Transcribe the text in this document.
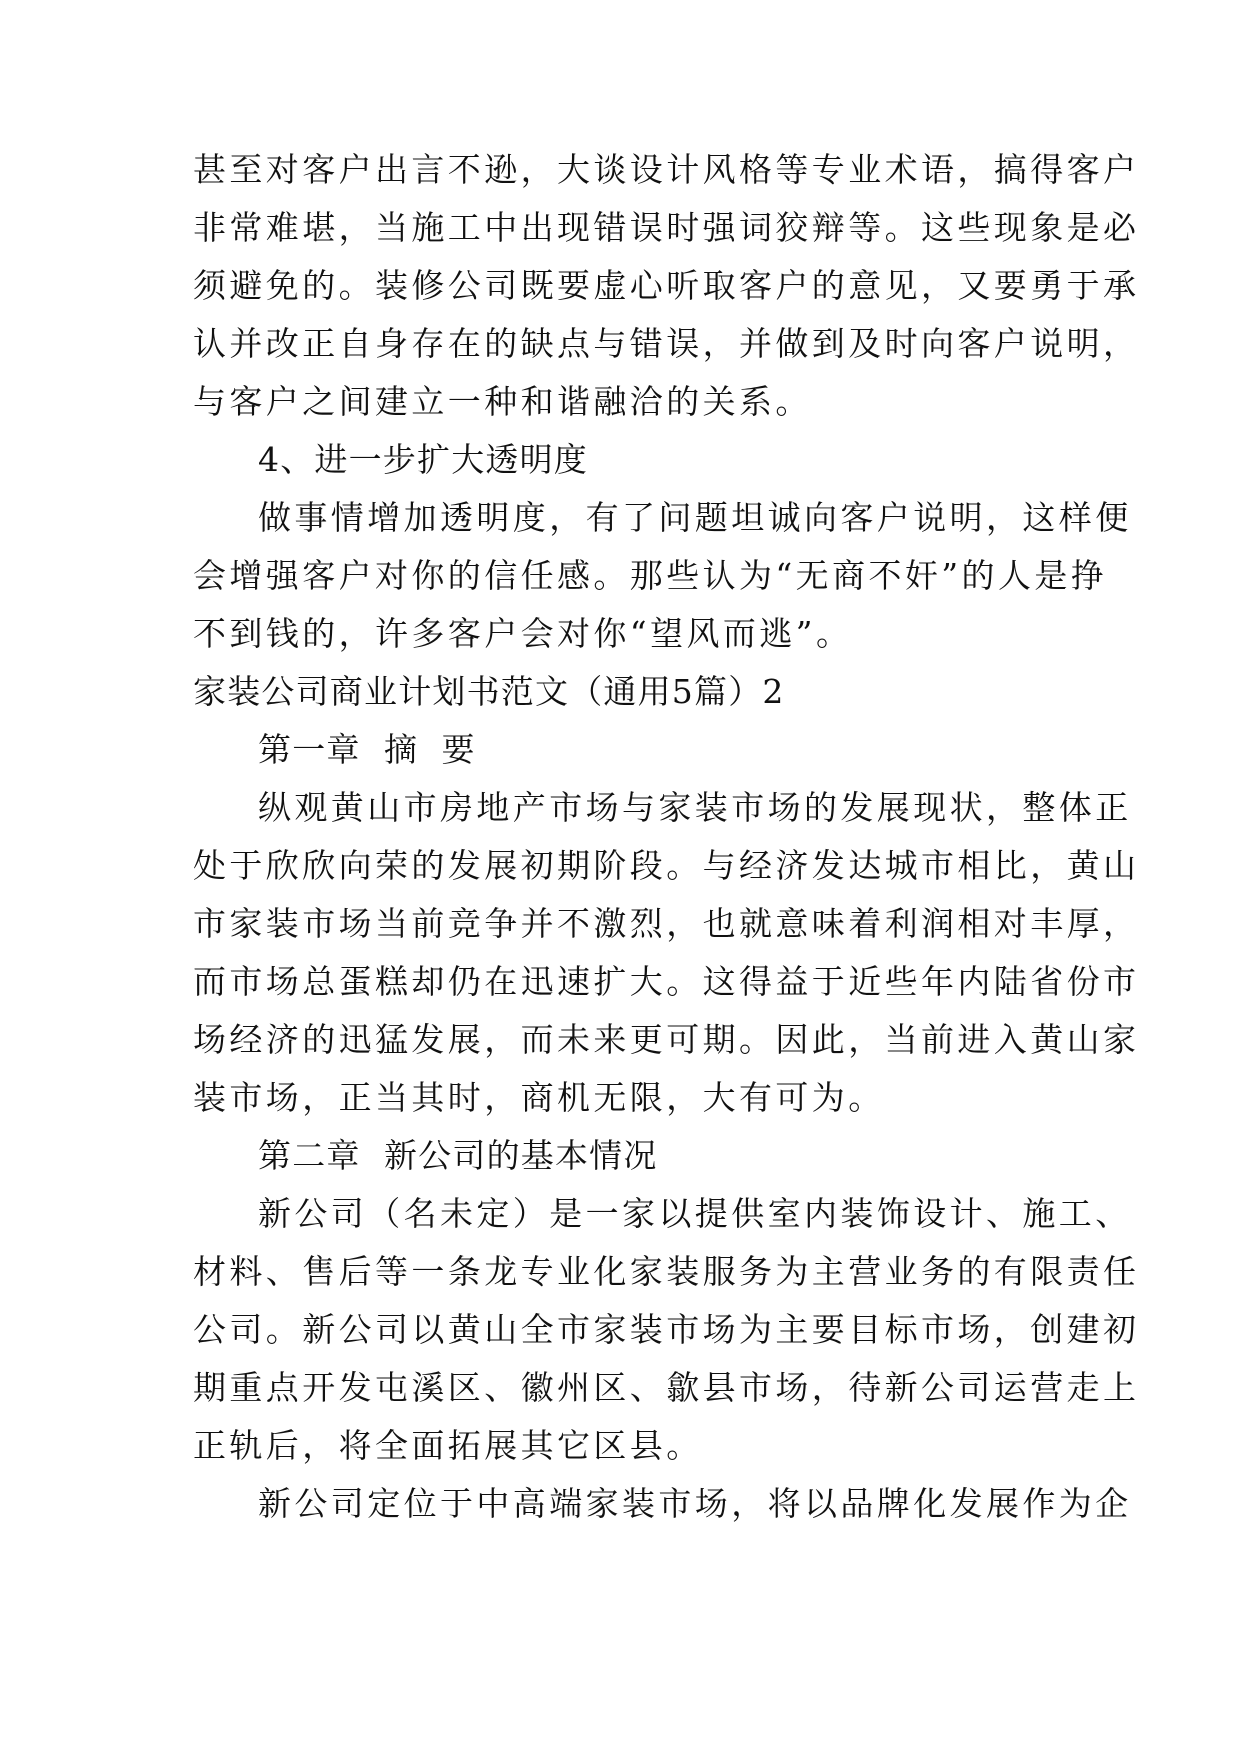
甚至对客户出言不逊，大谈设计风格等专业术语，搞得客户
非常难堪，当施工中出现错误时强词狡辩等。这些现象是必
须避免的。装修公司既要虚心听取客户的意见，又要勇于承
认并改正自身存在的缺点与错误，并做到及时向客户说明，
与客户之间建立一种和谐融洽的关系。
4、进一步扩大透明度
做事情增加透明度，有了问题坦诚向客户说明，这样便
会增强客户对你的信任感。那些认为“无商不奸”的人是挣
不到钱的，许多客户会对你“望风而逃”。
家装公司商业计划书范文（通用5篇）2
第一章  摘  要
纵观黄山市房地产市场与家装市场的发展现状，整体正
处于欣欣向荣的发展初期阶段。与经济发达城市相比，黄山
市家装市场当前竞争并不激烈，也就意味着利润相对丰厚，
而市场总蛋糕却仍在迅速扩大。这得益于近些年内陆省份市
场经济的迅猛发展，而未来更可期。因此，当前进入黄山家
装市场，正当其时，商机无限，大有可为。
第二章  新公司的基本情况
新公司（名未定）是一家以提供室内装饰设计、施工、
材料、售后等一条龙专业化家装服务为主营业务的有限责任
公司。新公司以黄山全市家装市场为主要目标市场，创建初
期重点开发屯溪区、徽州区、歙县市场，待新公司运营走上
正轨后，将全面拓展其它区县。
新公司定位于中高端家装市场，将以品牌化发展作为企
